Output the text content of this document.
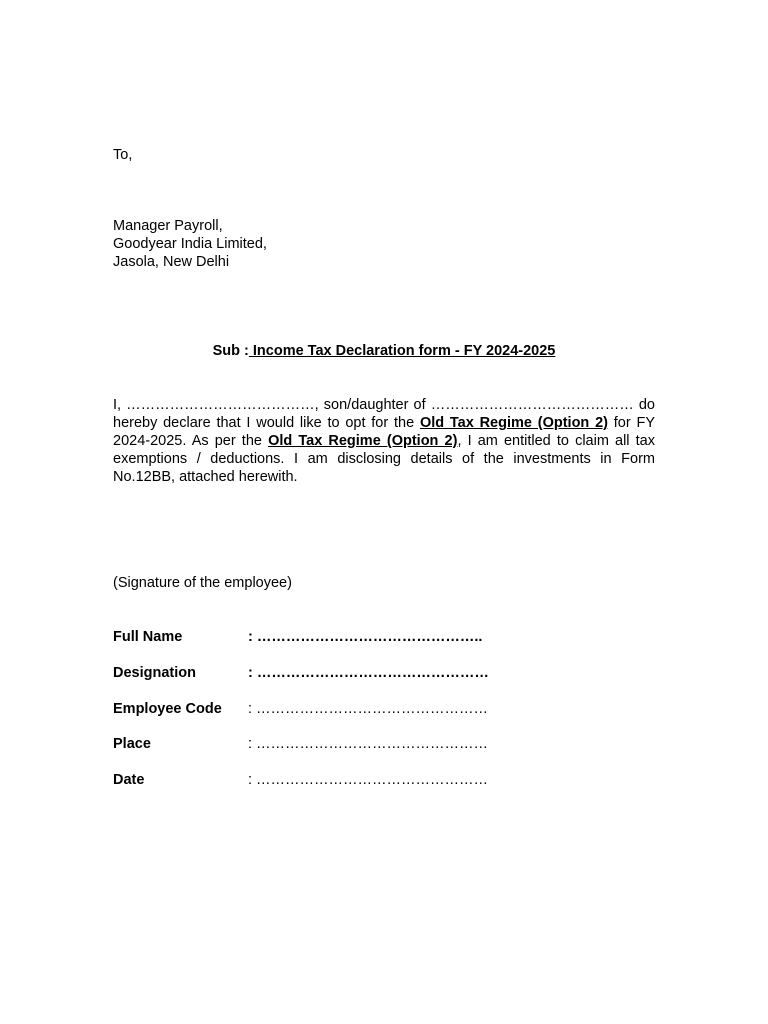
To,
Manager Payroll,
Goodyear India Limited,
Jasola, New Delhi
Sub : Income Tax Declaration form - FY 2024-2025
I, …………………………………, son/daughter of …………………………………… do hereby declare that I would like to opt for the Old Tax Regime (Option 2) for FY 2024-2025. As per the Old Tax Regime (Option 2), I am entitled to claim all tax exemptions / deductions. I am disclosing details of the investments in Form No.12BB, attached herewith.
(Signature of the employee)
Full Name	: ………………………………………..
Designation	: …………………………………………
Employee Code : …………………………………………
Place	: …………………………………………
Date	: …………………………………………
